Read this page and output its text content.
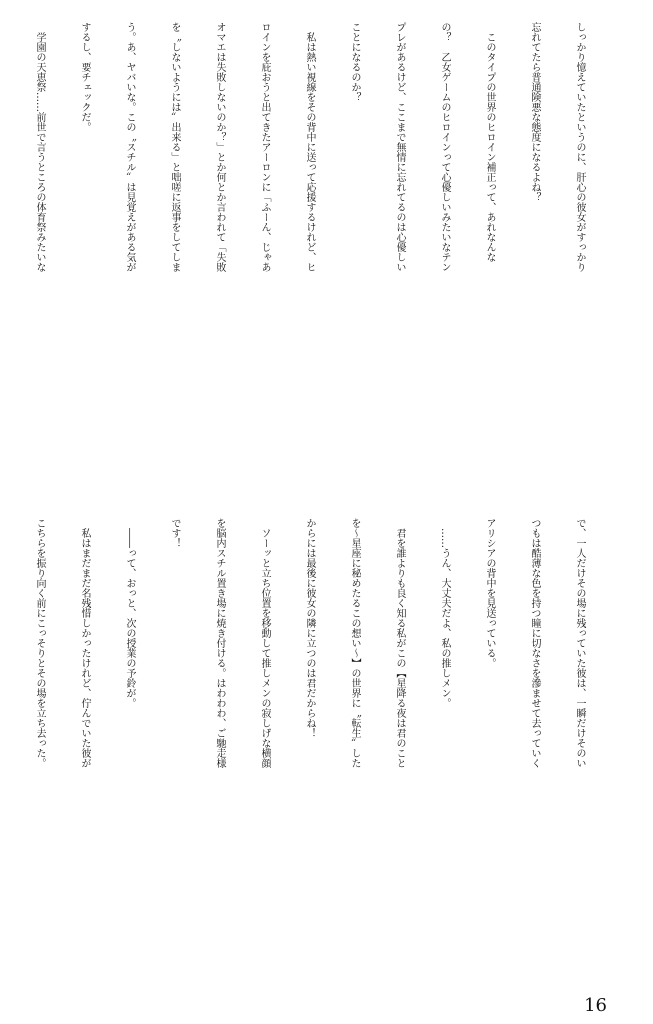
しっかり憶えていたというのに、肝心の彼女がすっかり

忘れてたら普通険悪な態度になるよね？

　このタイプの世界のヒロイン補正って、あれなんな

の？　乙女ゲームのヒロインって心優しいみたいなテン

プレがあるけど、ここまで無情に忘れてるのは心優しい

ことになるのか？

　私は熱い視線をその背中に送って応援するけれど、ヒ

ロインを庇おうと出てきたアーロンに「ふーん、じゃあ

オマエは失敗しないのか？」とか何とか言われて「失敗

を〝しないようには〟出来る」と咄嗟に返事をしてしま

う。あ、ヤバいな。この〝スチル〟は見覚えがある気が

するし、要チェックだ。

　学園の天恵祭……前世で言うところの体育祭みたいな

で、一人だけその場に残っていた彼は、一瞬だけそのい

つもは酷薄な色を持つ瞳に切なさを滲ませて去っていく

アリシアの背中を見送っている。

　……うん、大丈夫だよ、私の推しメン。

　君を誰よりも良く知る私がこの【星降る夜は君のこと

を〜星座に秘めたるこの想い〜】の世界に〝転生〟した

からには最後に彼女の隣に立つのは君だからね！

　ソーッと立ち位置を移動して推しメンの寂しげな横顔

を脳内スチル置き場に焼き付ける。はわわわ、ご馳走様

です！

　――って、おっと、次の授業の予鈴が。

　私はまだまだ名残惜しかったけれど、佇んでいた彼が

こちらを振り向く前にこっそりとその場を立ち去った。

16
